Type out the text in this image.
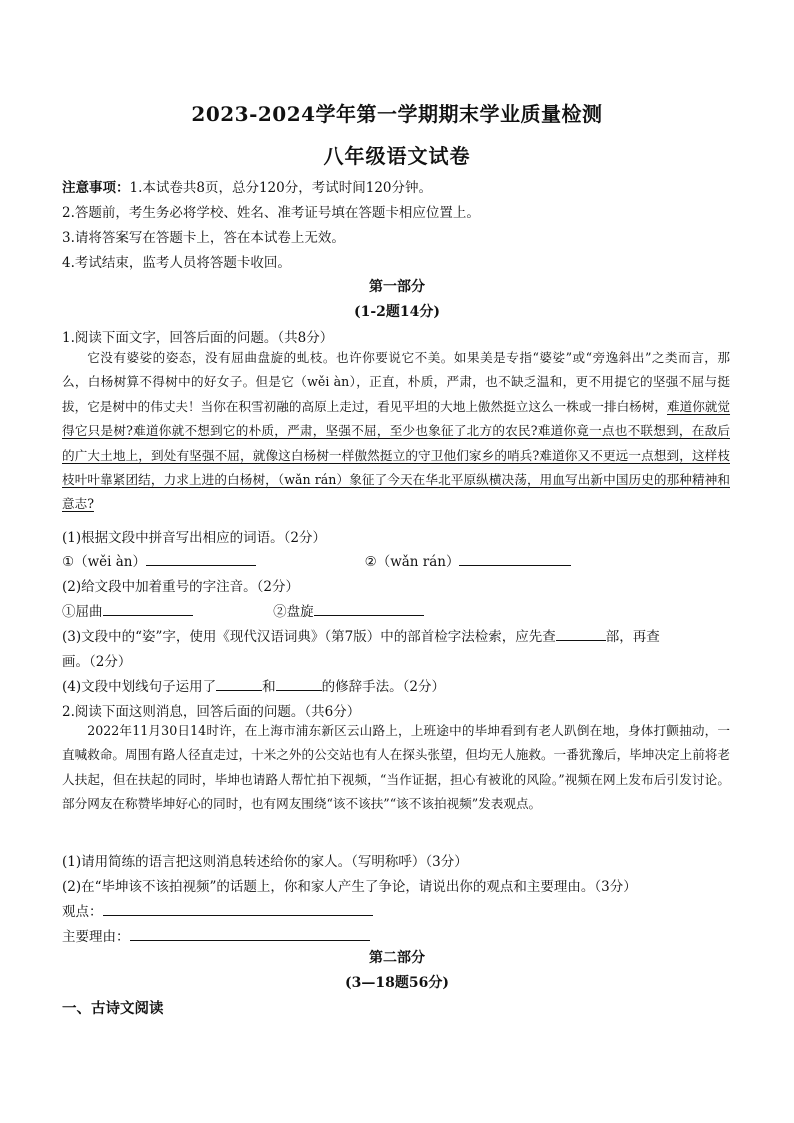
2023-2024学年第一学期期末学业质量检测
八年级语文试卷
注意事项：1.本试卷共8页，总分120分，考试时间120分钟。
2.答题前，考生务必将学校、姓名、准考证号填在答题卡相应位置上。
3.请将答案写在答题卡上，答在本试卷上无效。
4.考试结束，监考人员将答题卡收回。
第一部分
(1-2题14分)
1.阅读下面文字，回答后面的问题。（共8分）
它没有婆娑的姿态，没有屈曲盘旋的虬枝。也许你要说它不美。如果美是专指“婆娑”或“旁逸斜出”之类而言，那么，白杨树算不得树中的好女子。但是它（wěi àn），正直，朴质，严肃，也不缺乏温和，更不用提它的坚强不屈与挺拔，它是树中的伟丈夫！当你在积雪初融的高原上走过，看见平坦的大地上傲然挺立这么一株或一排白杨树，难道你就觉得它只是树?难道你就不想到它的朴质，严肃，坚强不屈，至少也象征了北方的农民?难道你竟一点也不联想到，在敌后的广大土地上，到处有坚强不屈，就像这白杨树一样傲然挺立的守卫他们家乡的哨兵?难道你又不更远一点想到，这样枝枝叶叶靠紧团结，力求上进的白杨树，（wǎn rán）象征了今天在华北平原纵横决荡，用血写出新中国历史的那种精神和意志?
(1)根据文段中拼音写出相应的词语。（2分）
①（wěi àn）	②（wǎn rán）
(2)给文段中加着重号的字注音。（2分）
①屈曲	②盘旋
(3)文段中的“姿”字，使用《现代汉语词典》（第7版）中的部首检字法检索，应先查	部，再查
画。（2分）
(4)文段中划线句子运用了	和	的修辞手法。（2分）
2.阅读下面这则消息，回答后面的问题。（共6分）
2022年11月30日14时许，在上海市浦东新区云山路上，上班途中的毕坤看到有老人趴倒在地，身体打颤抽动，一直喊救命。周围有路人径直走过，十米之外的公交站也有人在探头张望，但均无人施救。一番犹豫后，毕坤决定上前将老人扶起，但在扶起的同时，毕坤也请路人帮忙拍下视频，“当作证据，担心有被讹的风险。”视频在网上发布后引发讨论。部分网友在称赞毕坤好心的同时，也有网友围绕“该不该扶”“该不该拍视频”发表观点。
(1)请用简练的语言把这则消息转述给你的家人。（写明称呼）（3分）
(2)在“毕坤该不该拍视频”的话题上，你和家人产生了争论，请说出你的观点和主要理由。（3分）
观点：
主要理由：
第二部分
(3—18题56分)
一、古诗文阅读
